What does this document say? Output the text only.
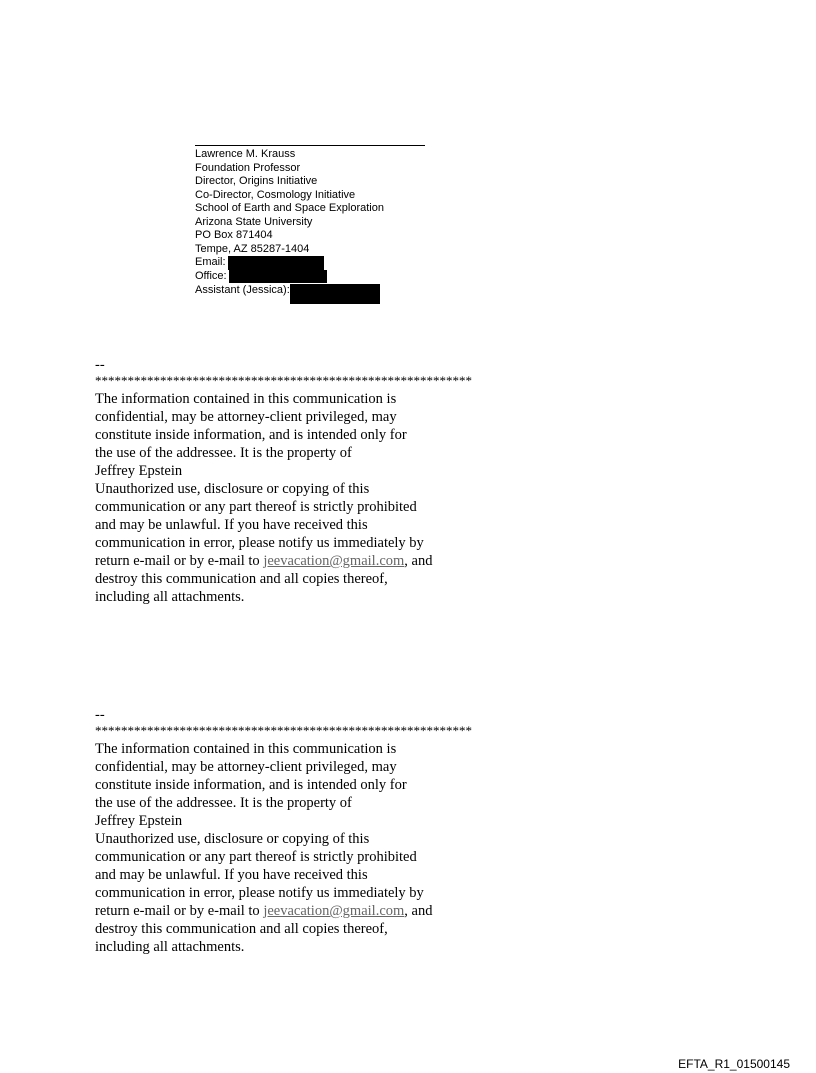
Lawrence M. Krauss
Foundation Professor
Director, Origins Initiative
Co-Director, Cosmology Initiative
School of Earth and Space Exploration
Arizona State University
PO Box 871404
Tempe, AZ 85287-1404
Email:
Office:
Assistant (Jessica):
--
**********************************************************
The information contained in this communication is
confidential, may be attorney-client privileged, may
constitute inside information, and is intended only for
the use of the addressee. It is the property of
Jeffrey Epstein
Unauthorized use, disclosure or copying of this
communication or any part thereof is strictly prohibited
and may be unlawful. If you have received this
communication in error, please notify us immediately by
return e-mail or by e-mail to jeevacation@gmail.com, and
destroy this communication and all copies thereof,
including all attachments.
--
**********************************************************
The information contained in this communication is
confidential, may be attorney-client privileged, may
constitute inside information, and is intended only for
the use of the addressee. It is the property of
Jeffrey Epstein
Unauthorized use, disclosure or copying of this
communication or any part thereof is strictly prohibited
and may be unlawful. If you have received this
communication in error, please notify us immediately by
return e-mail or by e-mail to jeevacation@gmail.com, and
destroy this communication and all copies thereof,
including all attachments.
EFTA_R1_01500145
